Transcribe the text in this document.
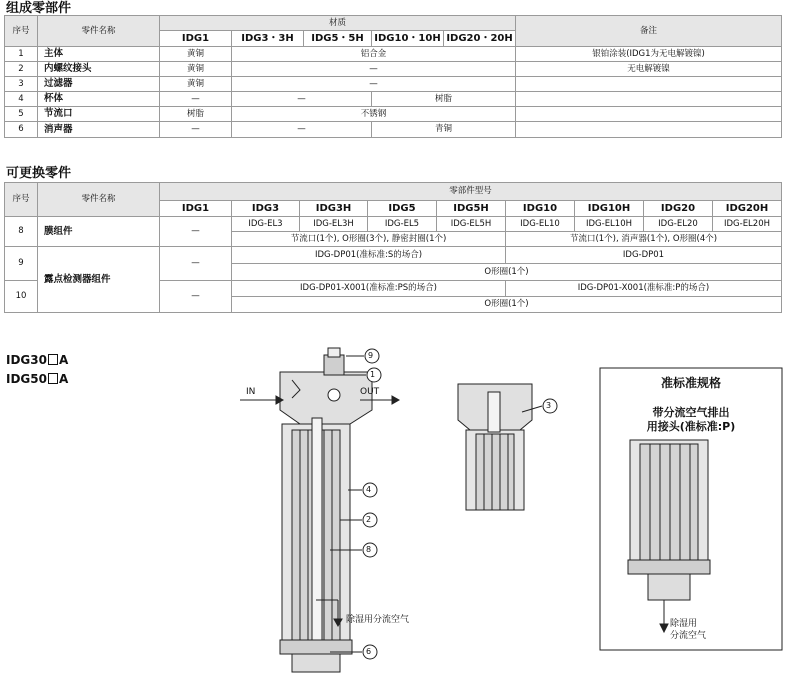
组成零部件
序号	零件名称	材质					备注
		IDG1	IDG3・3H	IDG5・5H	IDG10・10H	IDG20・20H	
1	主体	黄铜	铝合金				银铂涂装(IDG1为无电解镀镍)
2	内螺纹接头	黄铜	—				无电解镀镍
3	过滤器	黄铜	—				
4	杯体	—	—		树脂		
5	节流口	树脂	不锈钢				
6	消声器	—	—		青铜		
可更换零件
序号	零件名称	零部件型号								
		IDG1	IDG3	IDG3H	IDG5	IDG5H	IDG10	IDG10H	IDG20	IDG20H
8	膜组件	—	IDG-EL3	IDG-EL3H	IDG-EL5	IDG-EL5H	IDG-EL10	IDG-EL10H	IDG-EL20	IDG-EL20H
			节流口(1个), O形圈(3个), 静密封圈(1个)				节流口(1个), 消声器(1个), O形圈(4个)			
9	露点检测器组件	—	IDG-DP01(准标准:S的场合)				IDG-DP01			
			O形圈(1个)							
10		—	IDG-DP01-X001(准标准:PS的场合)				IDG-DP01-X001(准标准:P的场合)			
			O形圈(1个)							
IDG30 A
IDG50 A
IN	OUT
除湿用分流空气
9
1
4
2
8
6
3
准标准规格
带分流空气排出
用接头(准标准:P)
除湿用
分流空气
